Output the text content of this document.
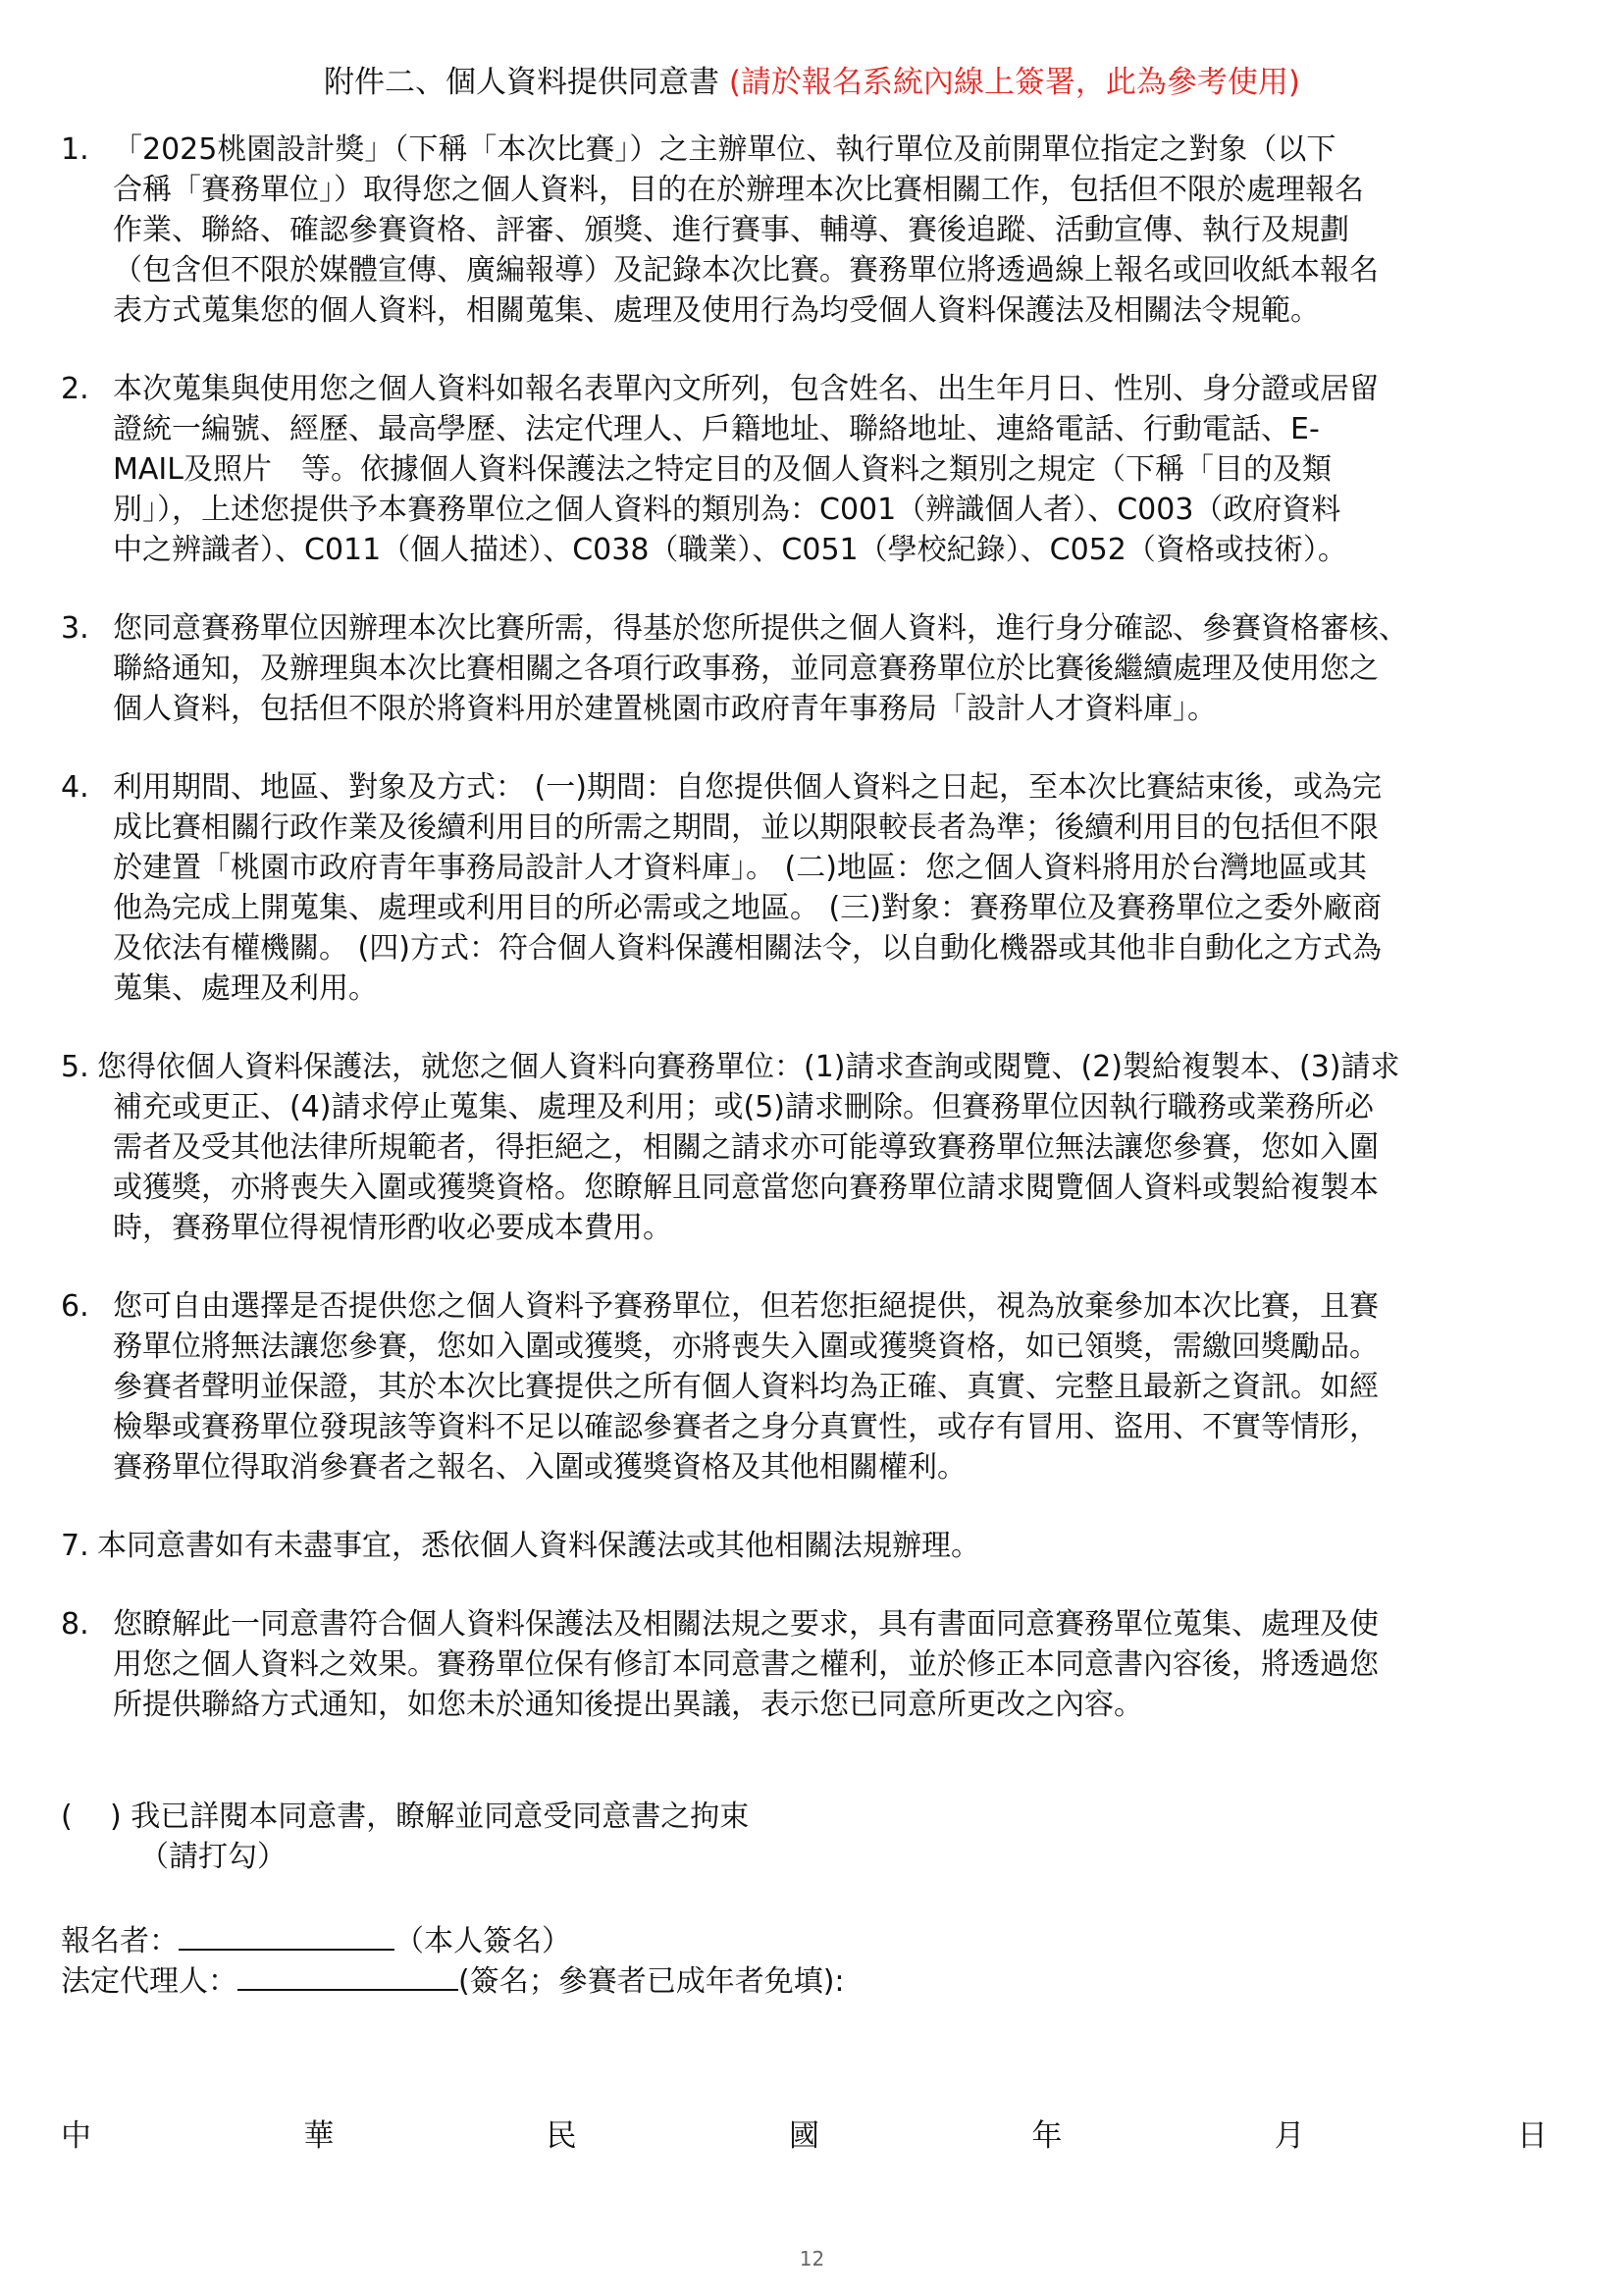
附件二、個人資料提供同意書 (請於報名系統內線上簽署，此為參考使用)
1. 「2025桃園設計獎」（下稱「本次比賽」）之主辦單位、執行單位及前開單位指定之對象（以下
合稱「賽務單位」）取得您之個人資料，目的在於辦理本次比賽相關工作，包括但不限於處理報名
作業、聯絡、確認參賽資格、評審、頒獎、進行賽事、輔導、賽後追蹤、活動宣傳、執行及規劃
（包含但不限於媒體宣傳、廣編報導）及記錄本次比賽。賽務單位將透過線上報名或回收紙本報名
表方式蒐集您的個人資料，相關蒐集、處理及使用行為均受個人資料保護法及相關法令規範。
2. 本次蒐集與使用您之個人資料如報名表單內文所列，包含姓名、出生年月日、性別、身分證或居留
證統一編號、經歷、最高學歷、法定代理人、戶籍地址、聯絡地址、連絡電話、行動電話、E-
MAIL及照片　等。依據個人資料保護法之特定目的及個人資料之類別之規定（下稱「目的及類
別」），上述您提供予本賽務單位之個人資料的類別為：C001（辨識個人者）、C003（政府資料
中之辨識者）、C011（個人描述）、C038（職業）、C051（學校紀錄）、C052（資格或技術）。
3. 您同意賽務單位因辦理本次比賽所需，得基於您所提供之個人資料，進行身分確認、參賽資格審核、
聯絡通知，及辦理與本次比賽相關之各項行政事務，並同意賽務單位於比賽後繼續處理及使用您之
個人資料，包括但不限於將資料用於建置桃園市政府青年事務局「設計人才資料庫」。
4. 利用期間、地區、對象及方式： (一)期間：自您提供個人資料之日起，至本次比賽結束後，或為完
成比賽相關行政作業及後續利用目的所需之期間，並以期限較長者為準；後續利用目的包括但不限
於建置「桃園市政府青年事務局設計人才資料庫」。 (二)地區：您之個人資料將用於台灣地區或其
他為完成上開蒐集、處理或利用目的所必需或之地區。 (三)對象：賽務單位及賽務單位之委外廠商
及依法有權機關。 (四)方式：符合個人資料保護相關法令，以自動化機器或其他非自動化之方式為
蒐集、處理及利用。
5. 您得依個人資料保護法，就您之個人資料向賽務單位：(1)請求查詢或閱覽、(2)製給複製本、(3)請求
補充或更正、(4)請求停止蒐集、處理及利用；或(5)請求刪除。但賽務單位因執行職務或業務所必
需者及受其他法律所規範者，得拒絕之，相關之請求亦可能導致賽務單位無法讓您參賽，您如入圍
或獲獎，亦將喪失入圍或獲獎資格。您瞭解且同意當您向賽務單位請求閱覽個人資料或製給複製本
時，賽務單位得視情形酌收必要成本費用。
6. 您可自由選擇是否提供您之個人資料予賽務單位，但若您拒絕提供，視為放棄參加本次比賽，且賽
務單位將無法讓您參賽，您如入圍或獲獎，亦將喪失入圍或獲獎資格，如已領獎，需繳回獎勵品。
參賽者聲明並保證，其於本次比賽提供之所有個人資料均為正確、真實、完整且最新之資訊。如經
檢舉或賽務單位發現該等資料不足以確認參賽者之身分真實性，或存有冒用、盜用、不實等情形，
賽務單位得取消參賽者之報名、入圍或獲獎資格及其他相關權利。
7. 本同意書如有未盡事宜，悉依個人資料保護法或其他相關法規辦理。
8. 您瞭解此一同意書符合個人資料保護法及相關法規之要求，具有書面同意賽務單位蒐集、處理及使
用您之個人資料之效果。賽務單位保有修訂本同意書之權利，並於修正本同意書內容後，將透過您
所提供聯絡方式通知，如您未於通知後提出異議，表示您已同意所更改之內容。
( ) 我已詳閱本同意書，瞭解並同意受同意書之拘束
（請打勾）
報名者：	（本人簽名）
法定代理人：	(簽名；參賽者已成年者免填):
中	華	民	國	年	月	日
12
